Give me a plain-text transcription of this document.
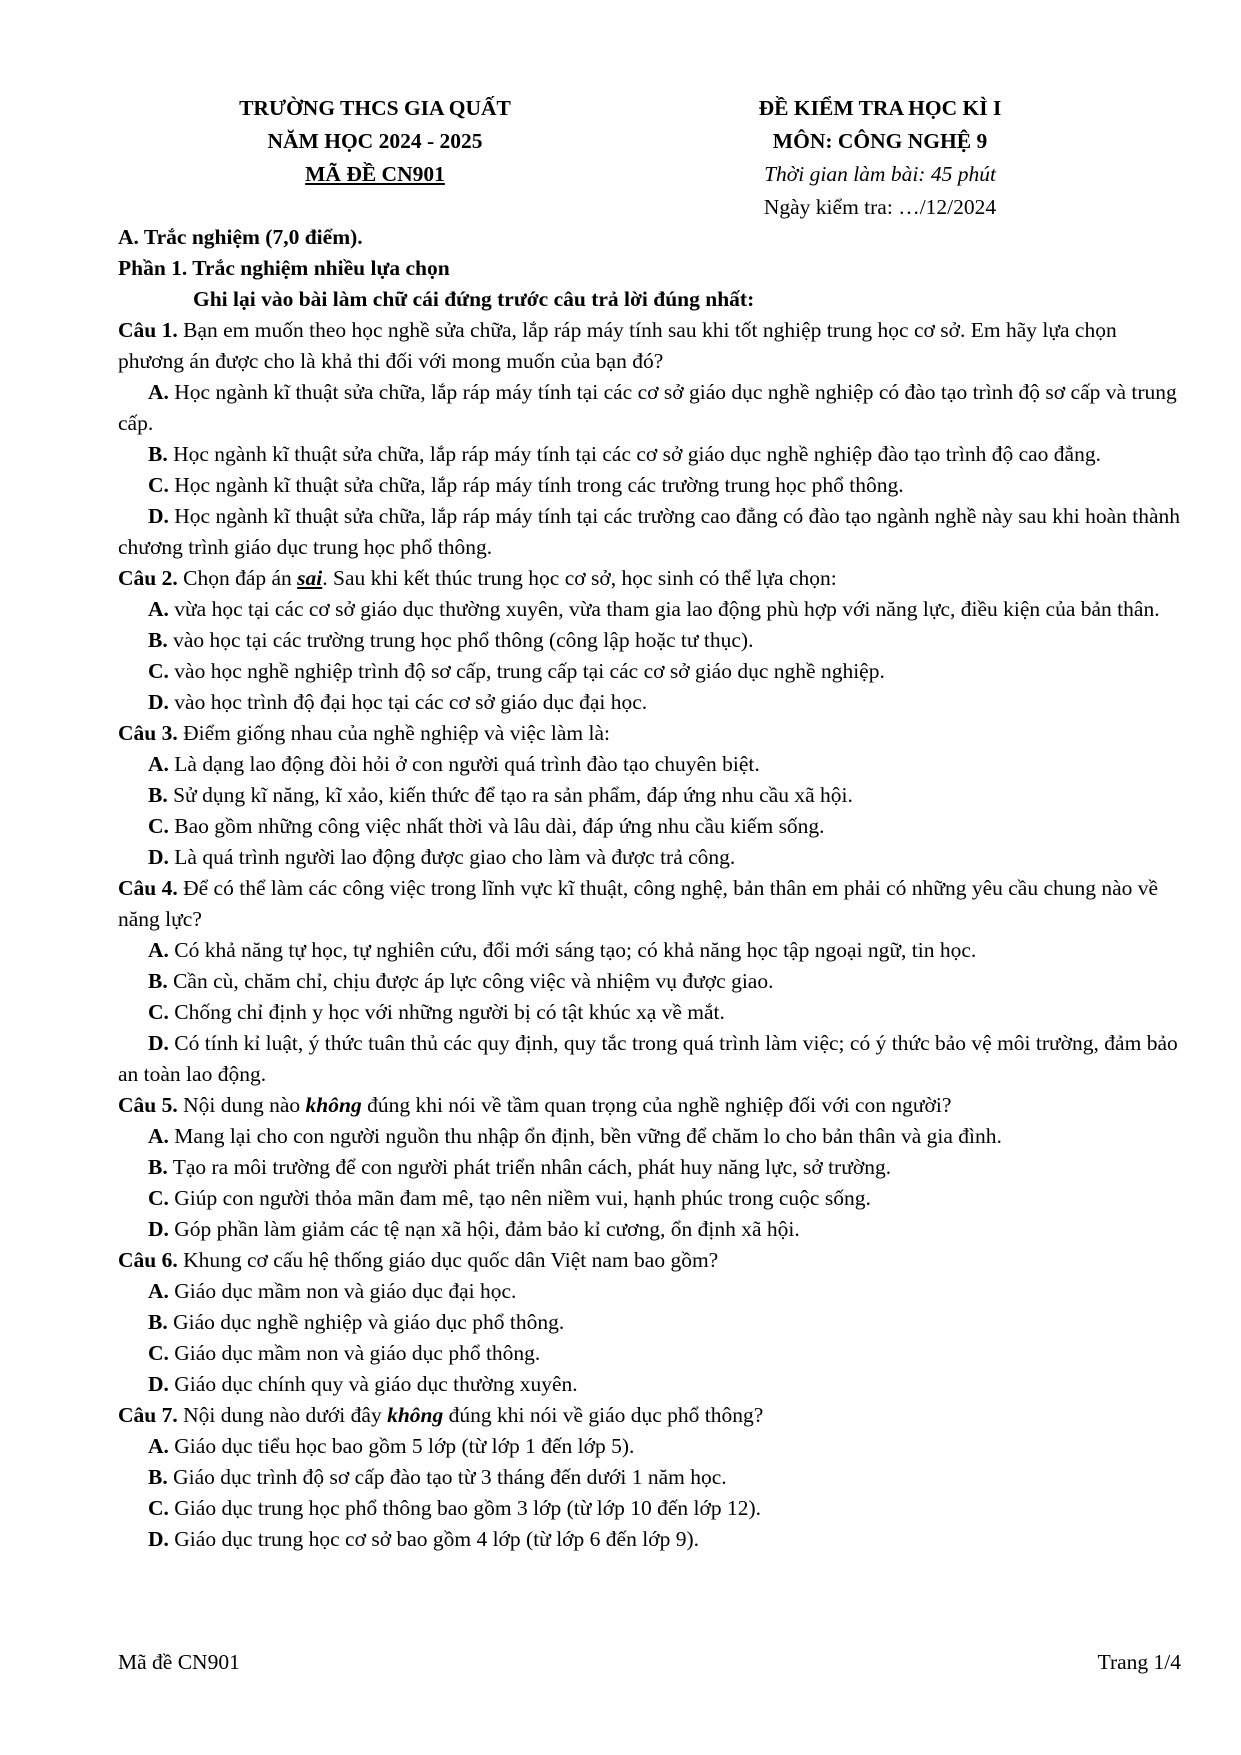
TRƯỜNG THCS GIA QUẤT
NĂM HỌC 2024 - 2025
MÃ ĐỀ CN901
ĐỀ KIỂM TRA HỌC KÌ I
MÔN: CÔNG NGHỆ 9
Thời gian làm bài: 45 phút
Ngày kiểm tra: …/12/2024
A. Trắc nghiệm (7,0 điểm).
Phần 1. Trắc nghiệm nhiều lựa chọn
Ghi lại vào bài làm chữ cái đứng trước câu trả lời đúng nhất:

Câu 1. Bạn em muốn theo học nghề sửa chữa, lắp ráp máy tính sau khi tốt nghiệp trung học cơ sở. Em hãy lựa chọn phương án được cho là khả thi đối với mong muốn của bạn đó?

A. Học ngành kĩ thuật sửa chữa, lắp ráp máy tính tại các cơ sở giáo dục nghề nghiệp có đào tạo trình độ sơ cấp và trung cấp.

B. Học ngành kĩ thuật sửa chữa, lắp ráp máy tính tại các cơ sở giáo dục nghề nghiệp đào tạo trình độ cao đẳng.

C. Học ngành kĩ thuật sửa chữa, lắp ráp máy tính trong các trường trung học phổ thông.

D. Học ngành kĩ thuật sửa chữa, lắp ráp máy tính tại các trường cao đẳng có đào tạo ngành nghề này sau khi hoàn thành chương trình giáo dục trung học phổ thông.

Câu 2. Chọn đáp án sai. Sau khi kết thúc trung học cơ sở, học sinh có thể lựa chọn:

A. vừa học tại các cơ sở giáo dục thường xuyên, vừa tham gia lao động phù hợp với năng lực, điều kiện của bản thân.

B. vào học tại các trường trung học phổ thông (công lập hoặc tư thục).

C. vào học nghề nghiệp trình độ sơ cấp, trung cấp tại các cơ sở giáo dục nghề nghiệp.

D. vào học trình độ đại học tại các cơ sở giáo dục đại học.

Câu 3. Điểm giống nhau của nghề nghiệp và việc làm là:

A. Là dạng lao động đòi hỏi ở con người quá trình đào tạo chuyên biệt.

B. Sử dụng kĩ năng, kĩ xảo, kiến thức để tạo ra sản phẩm, đáp ứng nhu cầu xã hội.

C. Bao gồm những công việc nhất thời và lâu dài, đáp ứng nhu cầu kiếm sống.

D. Là quá trình người lao động được giao cho làm và được trả công.

Câu 4. Để có thể làm các công việc trong lĩnh vực kĩ thuật, công nghệ, bản thân em phải có những yêu cầu chung nào về năng lực?

A. Có khả năng tự học, tự nghiên cứu, đổi mới sáng tạo; có khả năng học tập ngoại ngữ, tin học.

B. Cần cù, chăm chỉ, chịu được áp lực công việc và nhiệm vụ được giao.

C. Chống chỉ định y học với những người bị có tật khúc xạ về mắt.

D. Có tính kỉ luật, ý thức tuân thủ các quy định, quy tắc trong quá trình làm việc; có ý thức bảo vệ môi trường, đảm bảo an toàn lao động.

Câu 5. Nội dung nào không đúng khi nói về tầm quan trọng của nghề nghiệp đối với con người?

A. Mang lại cho con người nguồn thu nhập ổn định, bền vững để chăm lo cho bản thân và gia đình.

B. Tạo ra môi trường để con người phát triển nhân cách, phát huy năng lực, sở trường.

C. Giúp con người thỏa mãn đam mê, tạo nên niềm vui, hạnh phúc trong cuộc sống.

D. Góp phần làm giảm các tệ nạn xã hội, đảm bảo kỉ cương, ổn định xã hội.

Câu 6. Khung cơ cấu hệ thống giáo dục quốc dân Việt nam bao gồm?

A. Giáo dục mầm non và giáo dục đại học.

B. Giáo dục nghề nghiệp và giáo dục phổ thông.

C. Giáo dục mầm non và giáo dục phổ thông.

D. Giáo dục chính quy và giáo dục thường xuyên.

Câu 7. Nội dung nào dưới đây không đúng khi nói về giáo dục phổ thông?

A. Giáo dục tiểu học bao gồm 5 lớp (từ lớp 1 đến lớp 5).

B. Giáo dục trình độ sơ cấp đào tạo từ 3 tháng đến dưới 1 năm học.

C. Giáo dục trung học phổ thông bao gồm 3 lớp (từ lớp 10 đến lớp 12).

D. Giáo dục trung học cơ sở bao gồm 4 lớp (từ lớp 6 đến lớp 9).

Mã đề CN901	Trang 1/4
